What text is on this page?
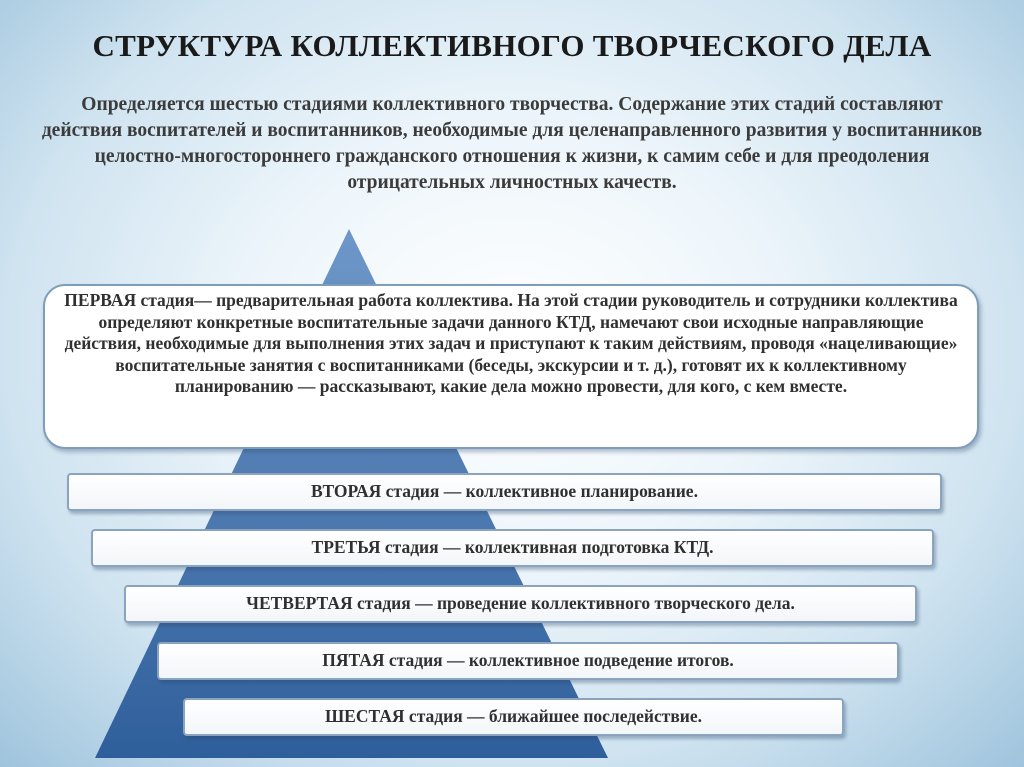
СТРУКТУРА КОЛЛЕКТИВНОГО ТВОРЧЕСКОГО ДЕЛА
Определяется шестью стадиями коллективного творчества. Содержание этих стадий составляют действия воспитателей и воспитанников, необходимые для целенаправленного развития у воспитанников целостно-многостороннего гражданского отношения к жизни, к самим себе и для преодоления отрицательных личностных качеств.
ПЕРВАЯ стадия— предварительная работа коллектива. На этой стадии руководитель и сотрудники коллектива определяют конкретные воспитательные задачи данного КТД, намечают свои исходные направляющие действия, необходимые для выполнения этих задач и приступают к таким действиям, проводя «нацеливающие» воспитательные занятия с воспитанниками (беседы, экскурсии и т. д.), готовят их к коллективному планированию — рассказывают, какие дела можно провести, для кого, с кем вместе.
ВТОРАЯ стадия — коллективное планирование.
ТРЕТЬЯ стадия — коллективная подготовка КТД.
ЧЕТВЕРТАЯ стадия — проведение коллективного творческого дела.
ПЯТАЯ стадия — коллективное подведение итогов.
ШЕСТАЯ стадия — ближайшее последействие.
